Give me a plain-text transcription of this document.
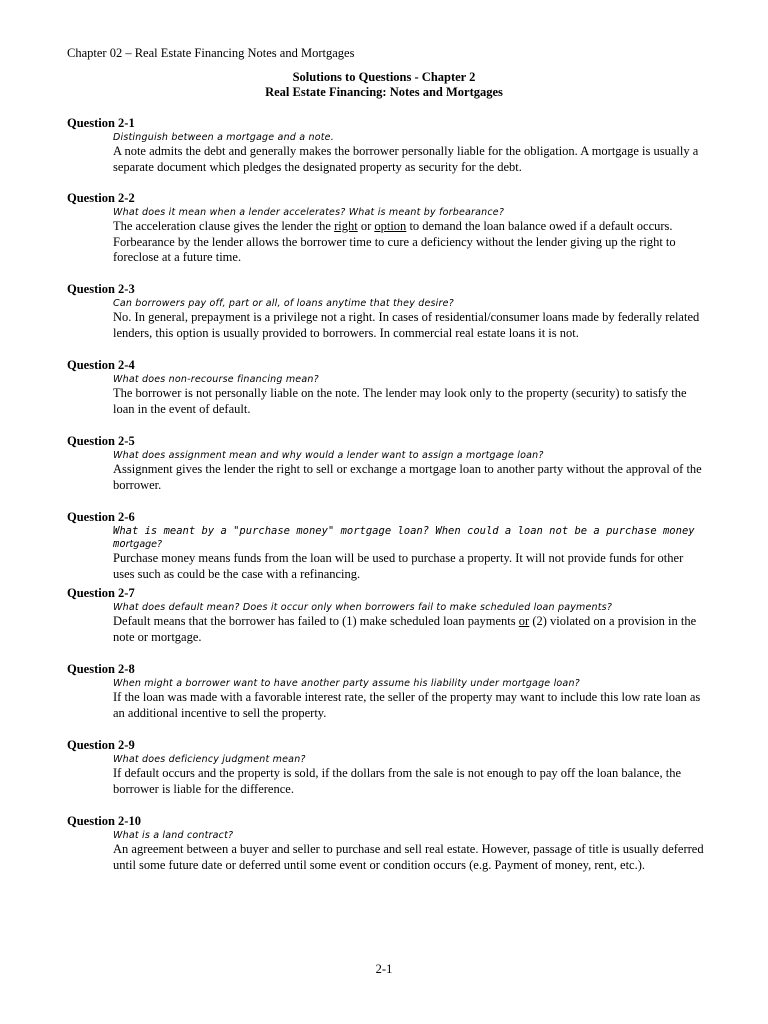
Chapter 02 – Real Estate Financing Notes and Mortgages
Solutions to Questions - Chapter 2
Real Estate Financing: Notes and Mortgages
Question 2-1
Distinguish between a mortgage and a note.
A note admits the debt and generally makes the borrower personally liable for the obligation. A mortgage is usually a separate document which pledges the designated property as security for the debt.
Question 2-2
What does it mean when a lender accelerates? What is meant by forbearance?
The acceleration clause gives the lender the right or option to demand the loan balance owed if a default occurs. Forbearance by the lender allows the borrower time to cure a deficiency without the lender giving up the right to foreclose at a future time.
Question 2-3
Can borrowers pay off, part or all, of loans anytime that they desire?
No. In general, prepayment is a privilege not a right. In cases of residential/consumer loans made by federally related lenders, this option is usually provided to borrowers. In commercial real estate loans it is not.
Question 2-4
What does non-recourse financing mean?
The borrower is not personally liable on the note. The lender may look only to the property (security) to satisfy the loan in the event of default.
Question 2-5
What does assignment mean and why would a lender want to assign a mortgage loan?
Assignment gives the lender the right to sell or exchange a mortgage loan to another party without the approval of the borrower.
Question 2-6
What is meant by a "purchase money" mortgage loan? When could a loan not be a purchase money mortgage?
Purchase money means funds from the loan will be used to purchase a property. It will not provide funds for other uses such as could be the case with a refinancing.
Question 2-7
What does default mean? Does it occur only when borrowers fail to make scheduled loan payments?
Default means that the borrower has failed to (1) make scheduled loan payments or (2) violated on a provision in the note or mortgage.
Question 2-8
When might a borrower want to have another party assume his liability under mortgage loan?
If the loan was made with a favorable interest rate, the seller of the property may want to include this low rate loan as an additional incentive to sell the property.
Question 2-9
What does deficiency judgment mean?
If default occurs and the property is sold, if the dollars from the sale is not enough to pay off the loan balance, the borrower is liable for the difference.
Question 2-10
What is a land contract?
An agreement between a buyer and seller to purchase and sell real estate. However, passage of title is usually deferred until some future date or deferred until some event or condition occurs (e.g. Payment of money, rent, etc.).
2-1
